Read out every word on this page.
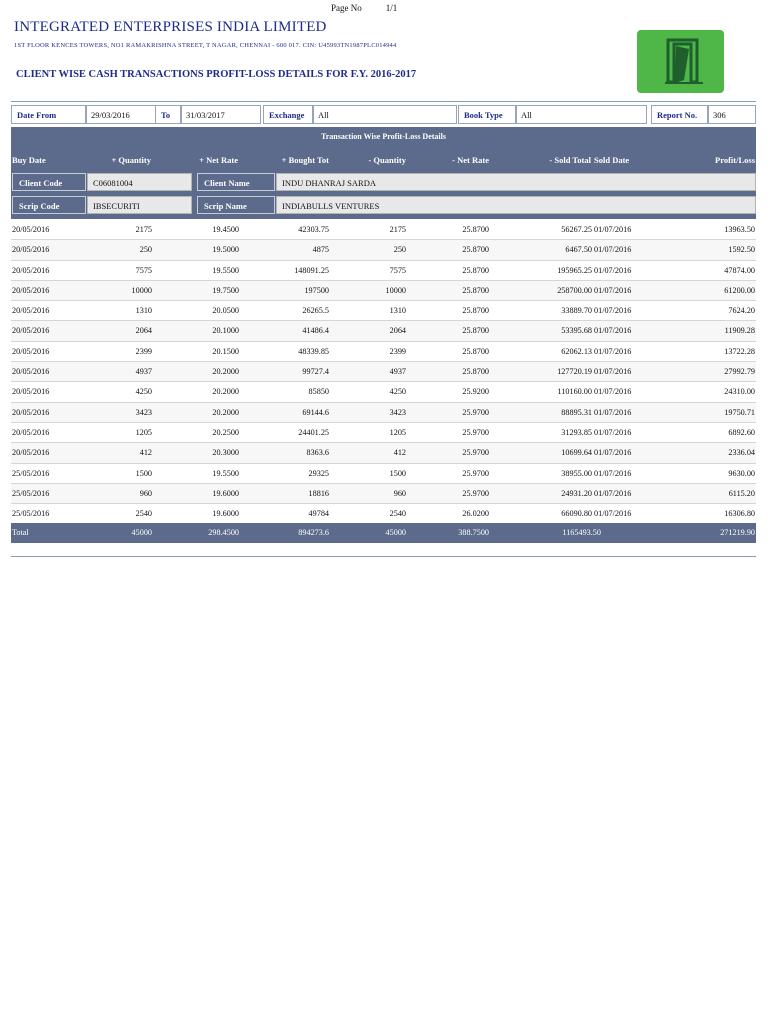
Page No	1/1
INTEGRATED ENTERPRISES INDIA LIMITED
1ST FLOOR KENCES TOWERS, NO1 RAMAKRISHNA STREET, T NAGAR, CHENNAI - 600 017. CIN: U45993TN1987PLC014944
CLIENT WISE CASH TRANSACTIONS PROFIT-LOSS DETAILS FOR F.Y. 2016-2017
Date From	29/03/2016	To	31/03/2017	Exchange	All	Book Type	All	Report No.	306
Transaction Wise Profit-Loss Details
Buy Date	+ Quantity	+ Net Rate	+ Bought Tot	- Quantity	- Net Rate	- Sold Total Sold Date	Profit/Loss
Client Code	C06081004	Client Name	INDU DHANRAJ SARDA
Scrip Code	IBSECURITI	Scrip Name	INDIABULLS VENTURES
20/05/2016	2175	19.4500	42303.75	2175	25.8700	56267.25 01/07/2016	13963.50
20/05/2016	250	19.5000	4875	250	25.8700	6467.50 01/07/2016	1592.50
20/05/2016	7575	19.5500	148091.25	7575	25.8700	195965.25 01/07/2016	47874.00
20/05/2016	10000	19.7500	197500	10000	25.8700	258700.00 01/07/2016	61200.00
20/05/2016	1310	20.0500	26265.5	1310	25.8700	33889.70 01/07/2016	7624.20
20/05/2016	2064	20.1000	41486.4	2064	25.8700	53395.68 01/07/2016	11909.28
20/05/2016	2399	20.1500	48339.85	2399	25.8700	62062.13 01/07/2016	13722.28
20/05/2016	4937	20.2000	99727.4	4937	25.8700	127720.19 01/07/2016	27992.79
20/05/2016	4250	20.2000	85850	4250	25.9200	110160.00 01/07/2016	24310.00
20/05/2016	3423	20.2000	69144.6	3423	25.9700	88895.31 01/07/2016	19750.71
20/05/2016	1205	20.2500	24401.25	1205	25.9700	31293.85 01/07/2016	6892.60
20/05/2016	412	20.3000	8363.6	412	25.9700	10699.64 01/07/2016	2336.04
25/05/2016	1500	19.5500	29325	1500	25.9700	38955.00 01/07/2016	9630.00
25/05/2016	960	19.6000	18816	960	25.9700	24931.20 01/07/2016	6115.20
25/05/2016	2540	19.6000	49784	2540	26.0200	66090.80 01/07/2016	16306.80
Total	45000	298.4500	894273.6	45000	388.7500	1165493.50	271219.90
